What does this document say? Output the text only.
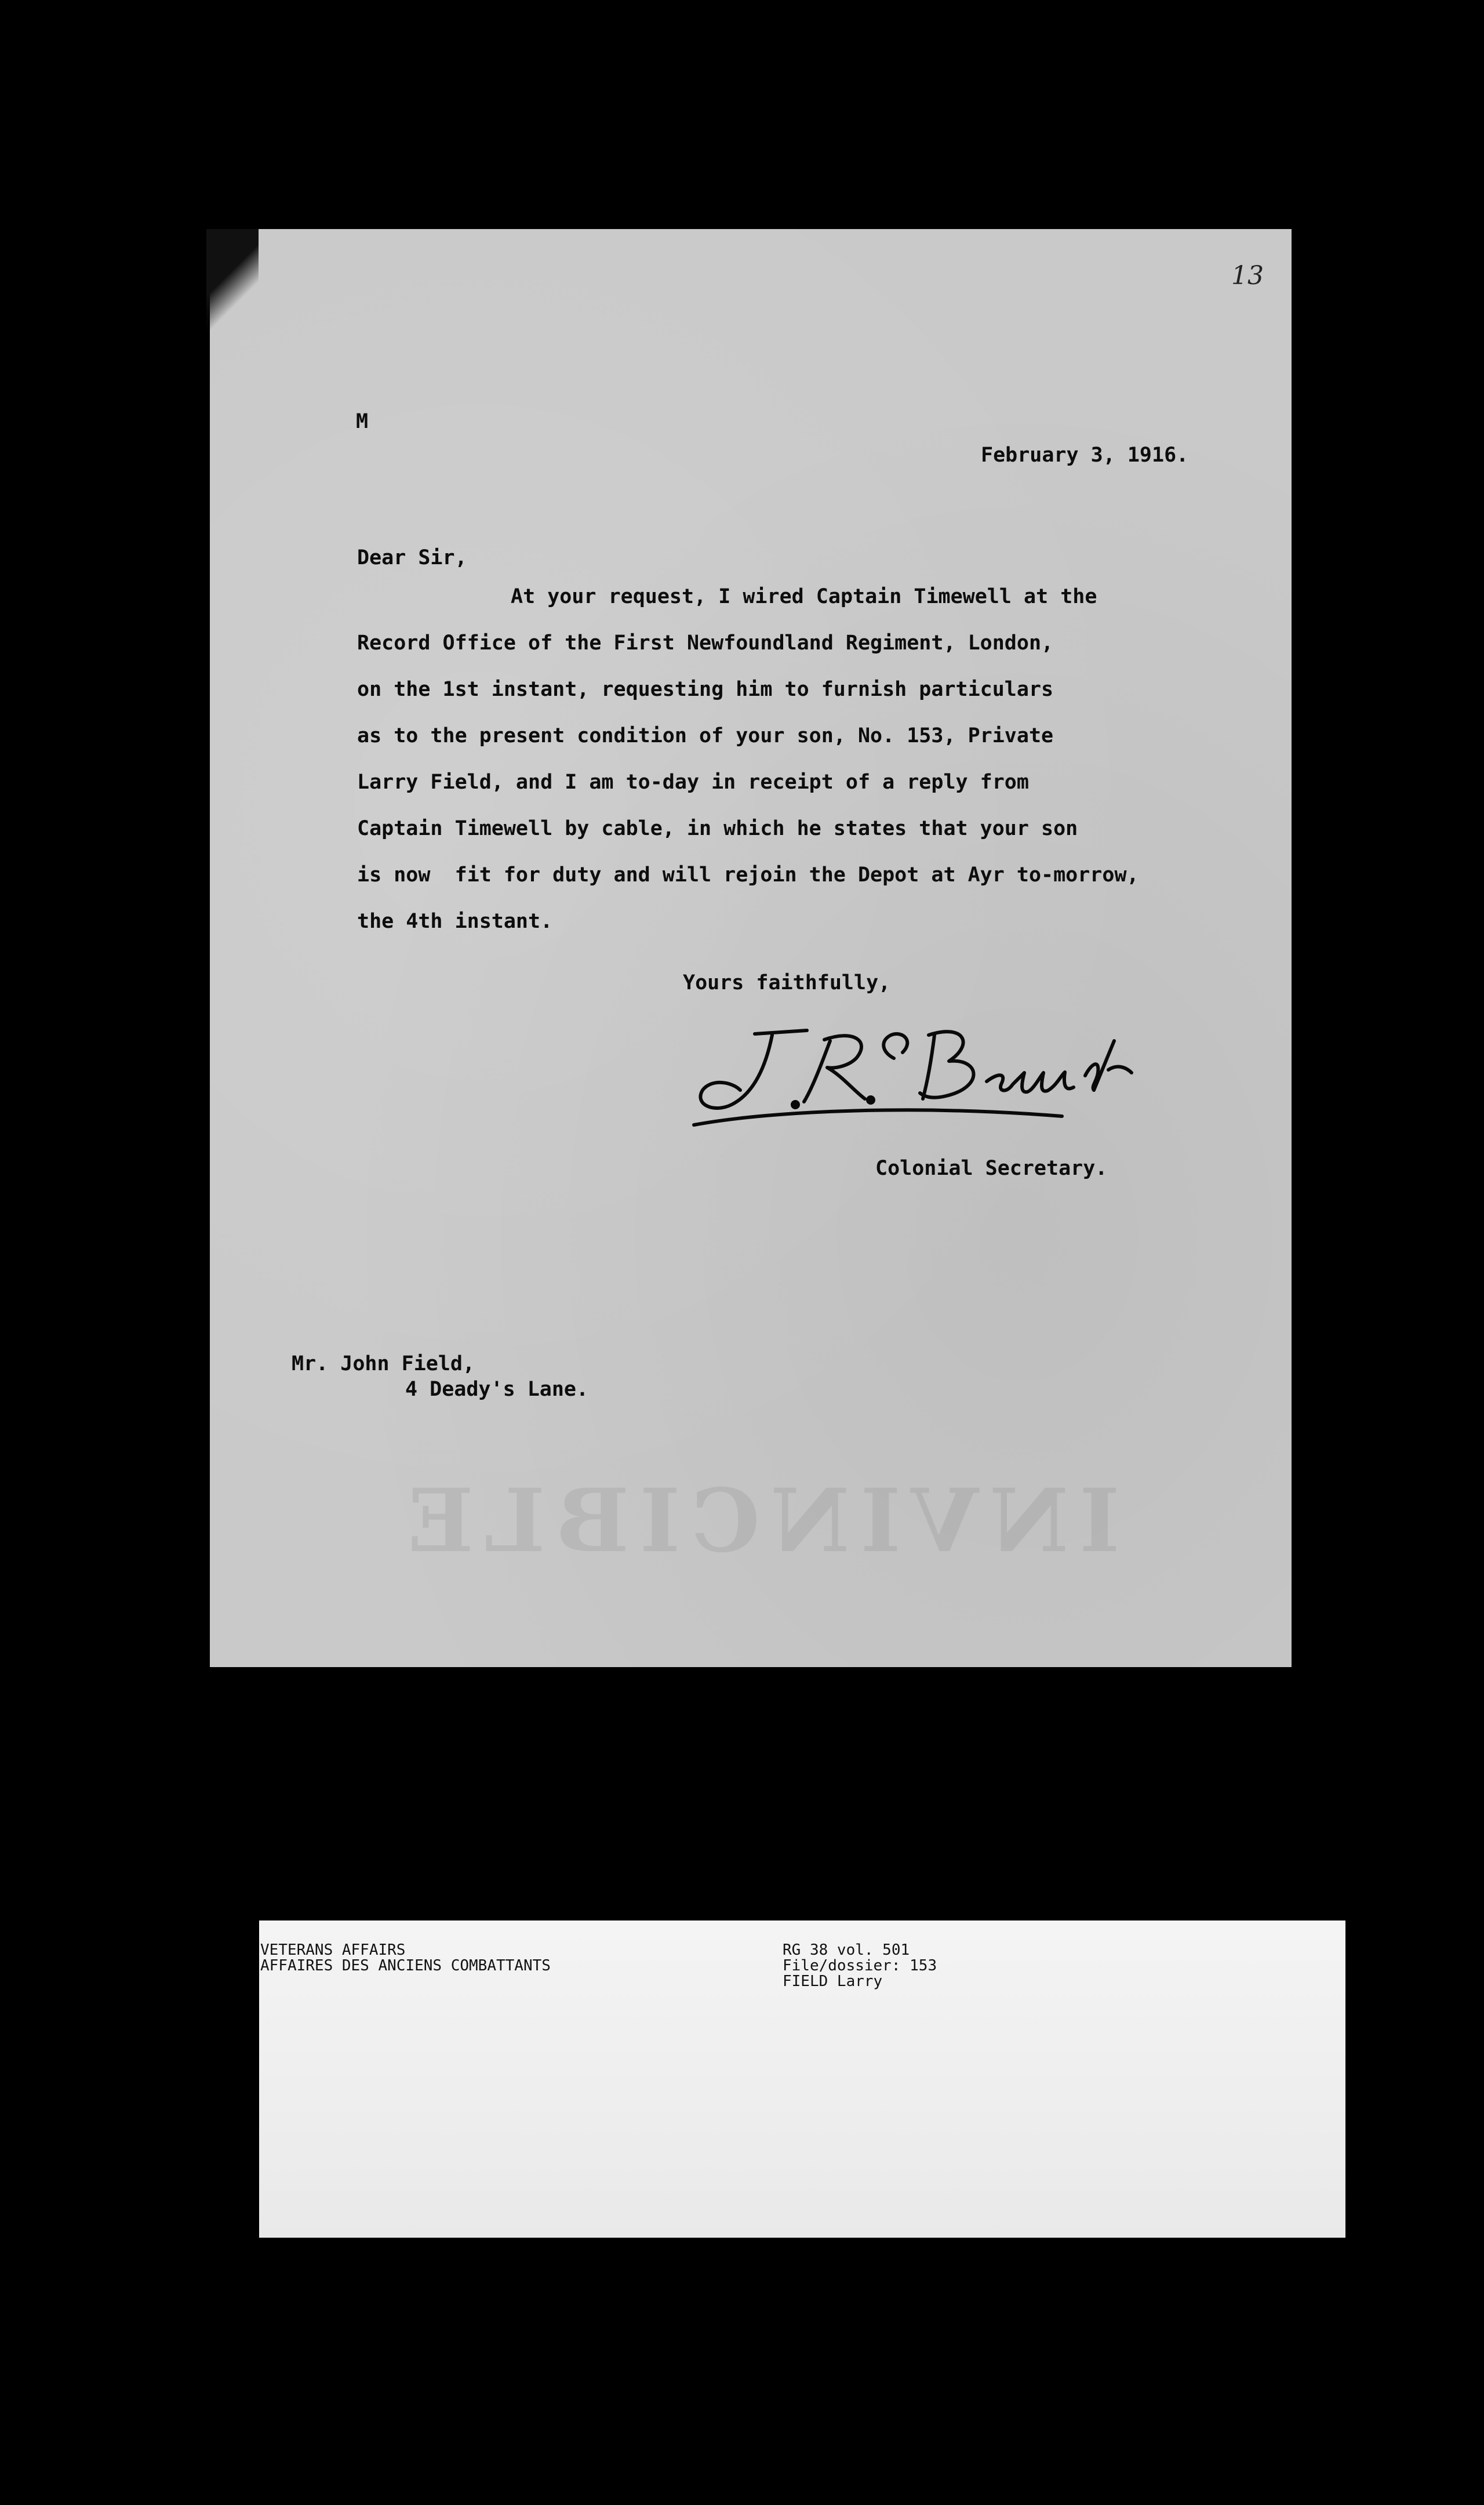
13
M
February 3, 1916.
Dear Sir,
At your request, I wired Captain Timewell at the
Record Office of the First Newfoundland Regiment, London,
on the 1st instant, requesting him to furnish particulars
as to the present condition of your son, No. 153, Private
Larry Field, and I am to-day in receipt of a reply from
Captain Timewell by cable, in which he states that your son
is now  fit for duty and will rejoin the Depot at Ayr to-morrow,
the 4th instant.
Yours faithfully,
Colonial Secretary.
Mr. John Field,
4 Deady's Lane.
INVINCIBLE
VETERANS AFFAIRS
AFFAIRES DES ANCIENS COMBATTANTS
RG 38 vol. 501
File/dossier: 153
FIELD Larry
